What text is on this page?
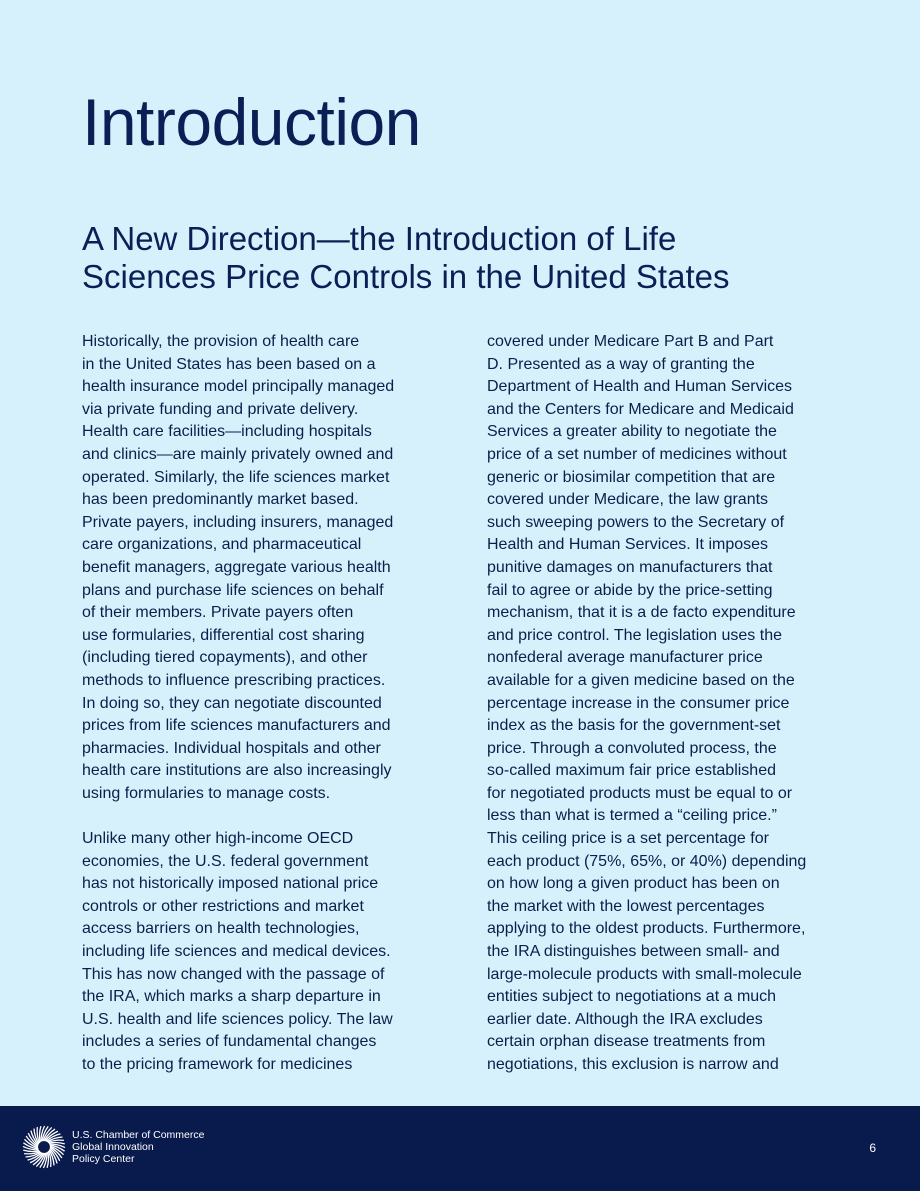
Introduction
A New Direction—the Introduction of Life
Sciences Price Controls in the United States
Historically, the provision of health care
in the United States has been based on a
health insurance model principally managed
via private funding and private delivery.
Health care facilities—including hospitals
and clinics—are mainly privately owned and
operated. Similarly, the life sciences market
has been predominantly market based.
Private payers, including insurers, managed
care organizations, and pharmaceutical
benefit managers, aggregate various health
plans and purchase life sciences on behalf
of their members. Private payers often
use formularies, differential cost sharing
(including tiered copayments), and other
methods to influence prescribing practices.
In doing so, they can negotiate discounted
prices from life sciences manufacturers and
pharmacies. Individual hospitals and other
health care institutions are also increasingly
using formularies to manage costs.
Unlike many other high-income OECD
economies, the U.S. federal government
has not historically imposed national price
controls or other restrictions and market
access barriers on health technologies,
including life sciences and medical devices.
This has now changed with the passage of
the IRA, which marks a sharp departure in
U.S. health and life sciences policy. The law
includes a series of fundamental changes
to the pricing framework for medicines
covered under Medicare Part B and Part
D. Presented as a way of granting the
Department of Health and Human Services
and the Centers for Medicare and Medicaid
Services a greater ability to negotiate the
price of a set number of medicines without
generic or biosimilar competition that are
covered under Medicare, the law grants
such sweeping powers to the Secretary of
Health and Human Services. It imposes
punitive damages on manufacturers that
fail to agree or abide by the price-setting
mechanism, that it is a de facto expenditure
and price control. The legislation uses the
nonfederal average manufacturer price
available for a given medicine based on the
percentage increase in the consumer price
index as the basis for the government-set
price. Through a convoluted process, the
so-called maximum fair price established
for negotiated products must be equal to or
less than what is termed a “ceiling price.”
This ceiling price is a set percentage for
each product (75%, 65%, or 40%) depending
on how long a given product has been on
the market with the lowest percentages
applying to the oldest products. Furthermore,
the IRA distinguishes between small- and
large-molecule products with small-molecule
entities subject to negotiations at a much
earlier date. Although the IRA excludes
certain orphan disease treatments from
negotiations, this exclusion is narrow and
U.S. Chamber of Commerce
Global Innovation
Policy Center
6
